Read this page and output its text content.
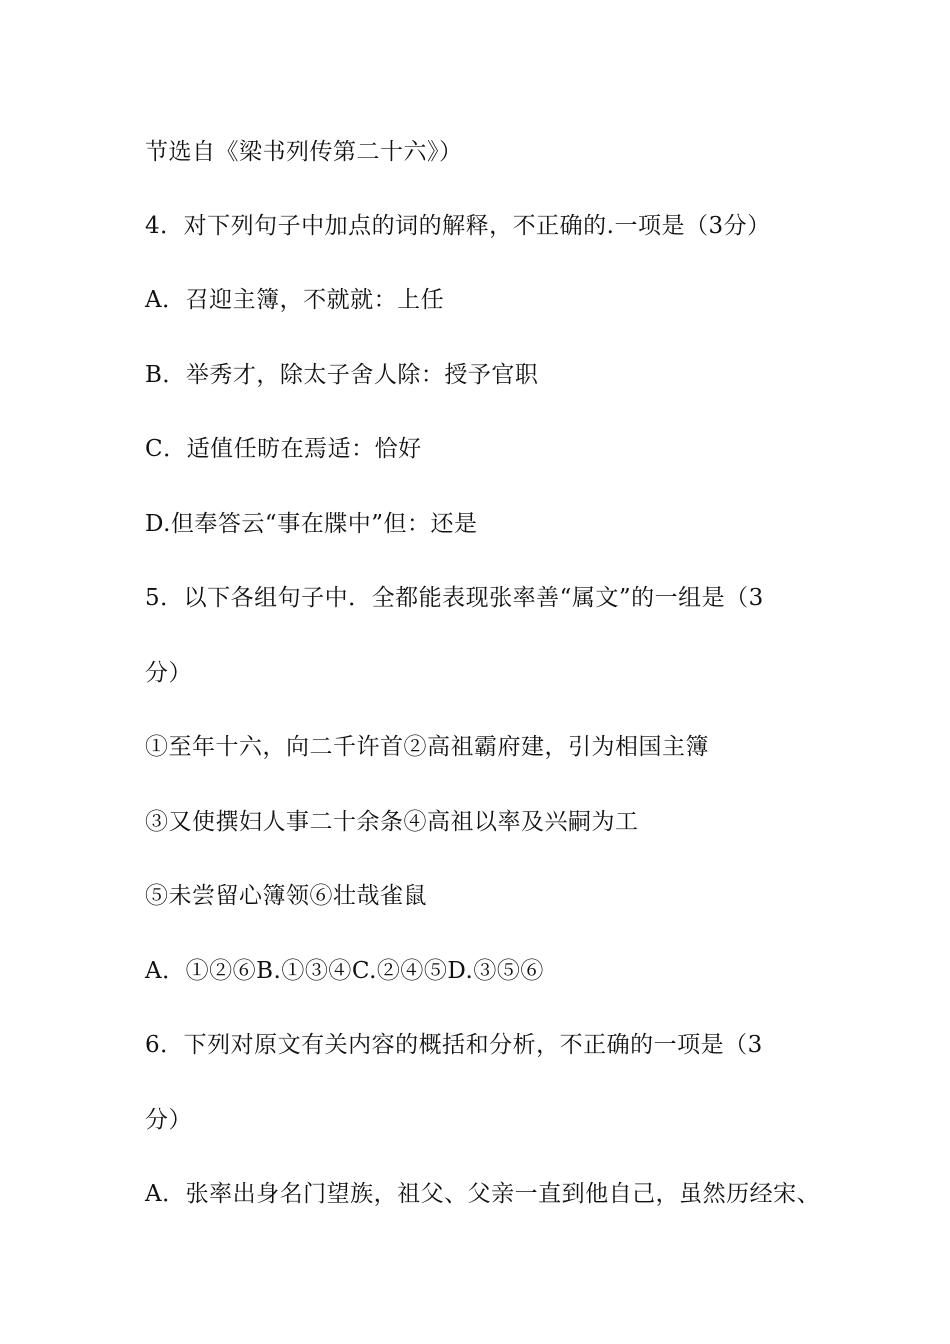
节选自《梁书列传第二十六》）
4．对下列句子中加点的词的解释，不正确的.一项是（3分）
A．召迎主簿，不就就：上任
B．举秀才，除太子舍人除：授予官职
C．适值任昉在焉适：恰好
D.但奉答云“事在牒中”但：还是
5．以下各组句子中．全都能表现张率善“属文”的一组是（3
分）
①至年十六，向二千许首②高祖霸府建，引为相国主簿
③又使撰妇人事二十余条④高祖以率及兴嗣为工
⑤未尝留心簿领⑥壮哉雀鼠
A．①②⑥B.①③④C.②④⑤D.③⑤⑥
6．下列对原文有关内容的概括和分析，不正确的一项是（3
分）
A．张率出身名门望族，祖父、父亲一直到他自己，虽然历经宋、
